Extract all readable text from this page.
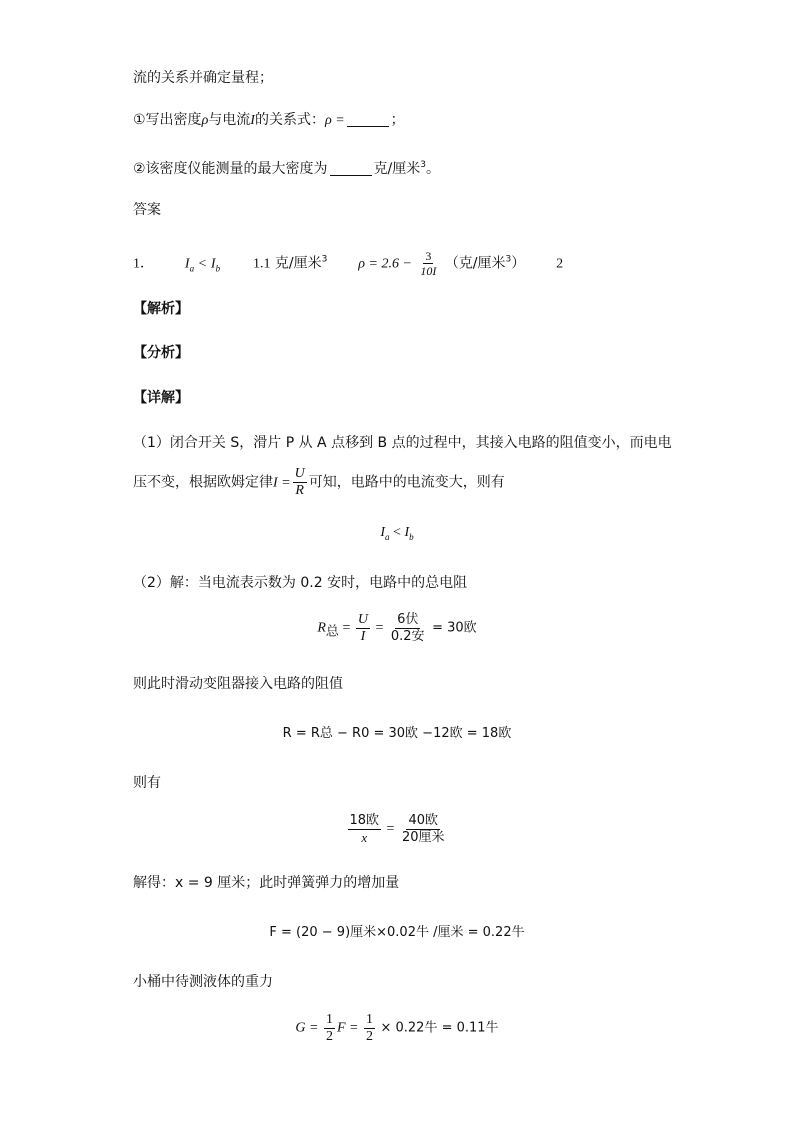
流的关系并确定量程；
①写出密度ρ与电流I的关系式：ρ =	；
②该密度仪能测量的最大密度为	克/厘米$^3$。
答案
1． $I_a < I_b$ 1.1 克/厘米$^3$ $\rho = 2.6 - \frac{3}{10I}$ （克/厘米$^3$） 2
【解析】
【分析】
【详解】
（1）闭合开关 S，滑片 P 从 A 点移到 B 点的过程中，其接入电路的阻值变小，而电电
压不变，根据欧姆定律$I = \frac{U}{R}$ 可知，电路中的电流变大，则有
$I_a < I_b$
（2）解：当电流表示数为 0.2 安时，电路中的总电阻
R总 = $\frac{U}{I} = \frac{\text{6伏}}{\text{0.2安}} = 30$欧
则此时滑动变阻器接入电路的阻值
R = R总 − R0 = 30欧 −12欧 = 18欧
则有
$\frac{\text{18欧}}{x} = \frac{\text{40欧}}{\text{20厘米}}$
解得：x = 9 厘米；此时弹簧弹力的增加量
F = (20 − 9)厘米×0.02牛 /厘米 = 0.22牛
小桶中待测液体的重力
$G = \frac{1}{2}$ $F = \frac{1}{2} \times 0.22$牛 = 0.11牛
